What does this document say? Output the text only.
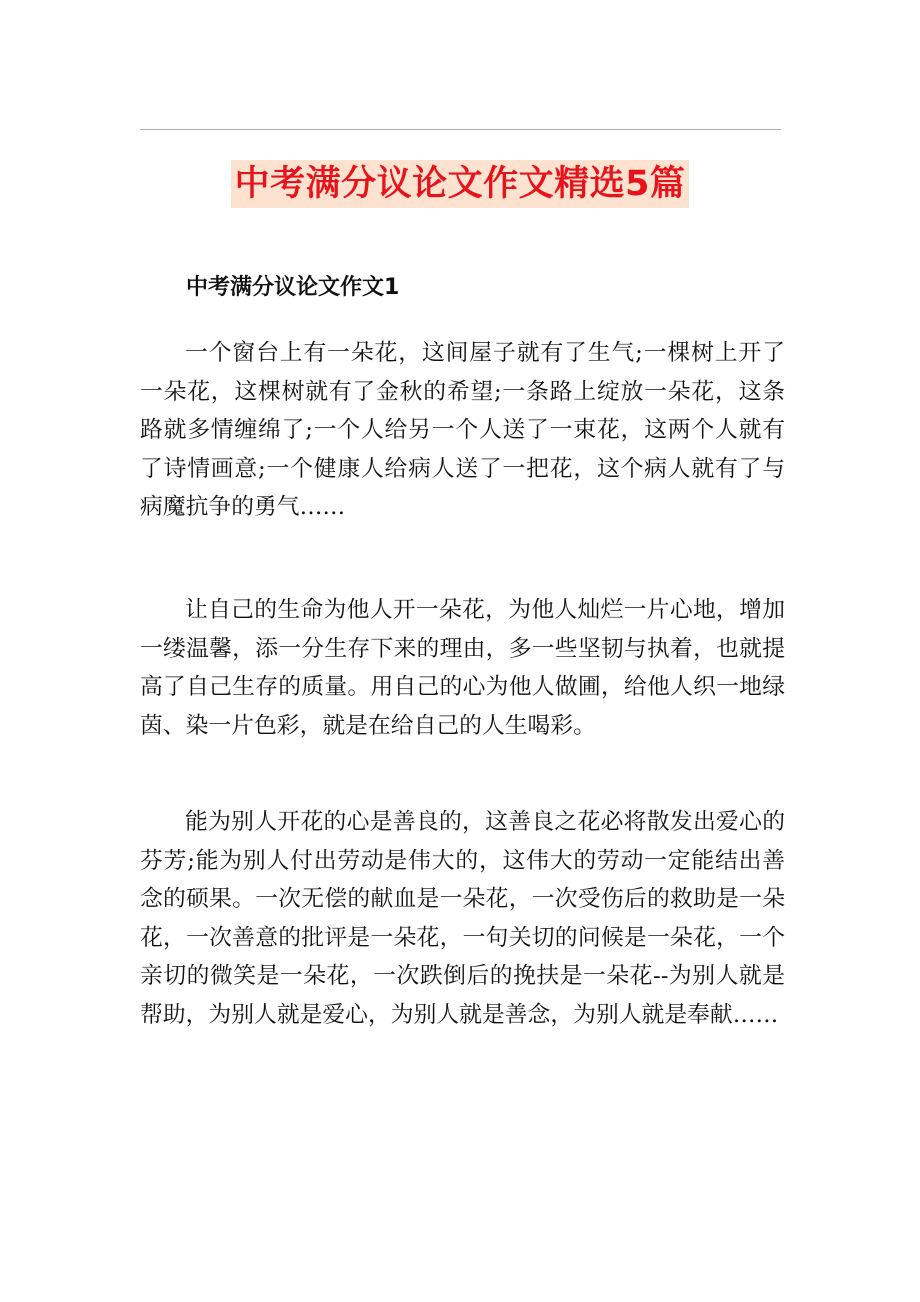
中考满分议论文作文精选5篇
中考满分议论文作文1

一个窗台上有一朵花，这间屋子就有了生气;一棵树上开了一朵花，这棵树就有了金秋的希望;一条路上绽放一朵花，这条路就多情缠绵了;一个人给另一个人送了一束花，这两个人就有了诗情画意;一个健康人给病人送了一把花，这个病人就有了与病魔抗争的勇气……

让自己的生命为他人开一朵花，为他人灿烂一片心地，增加一缕温馨，添一分生存下来的理由，多一些坚韧与执着，也就提高了自己生存的质量。用自己的心为他人做圃，给他人织一地绿茵、染一片色彩，就是在给自己的人生喝彩。

能为别人开花的心是善良的，这善良之花必将散发出爱心的芬芳;能为别人付出劳动是伟大的，这伟大的劳动一定能结出善念的硕果。一次无偿的献血是一朵花，一次受伤后的救助是一朵花，一次善意的批评是一朵花，一句关切的问候是一朵花，一个亲切的微笑是一朵花，一次跌倒后的挽扶是一朵花--为别人就是帮助，为别人就是爱心，为别人就是善念，为别人就是奉献……
